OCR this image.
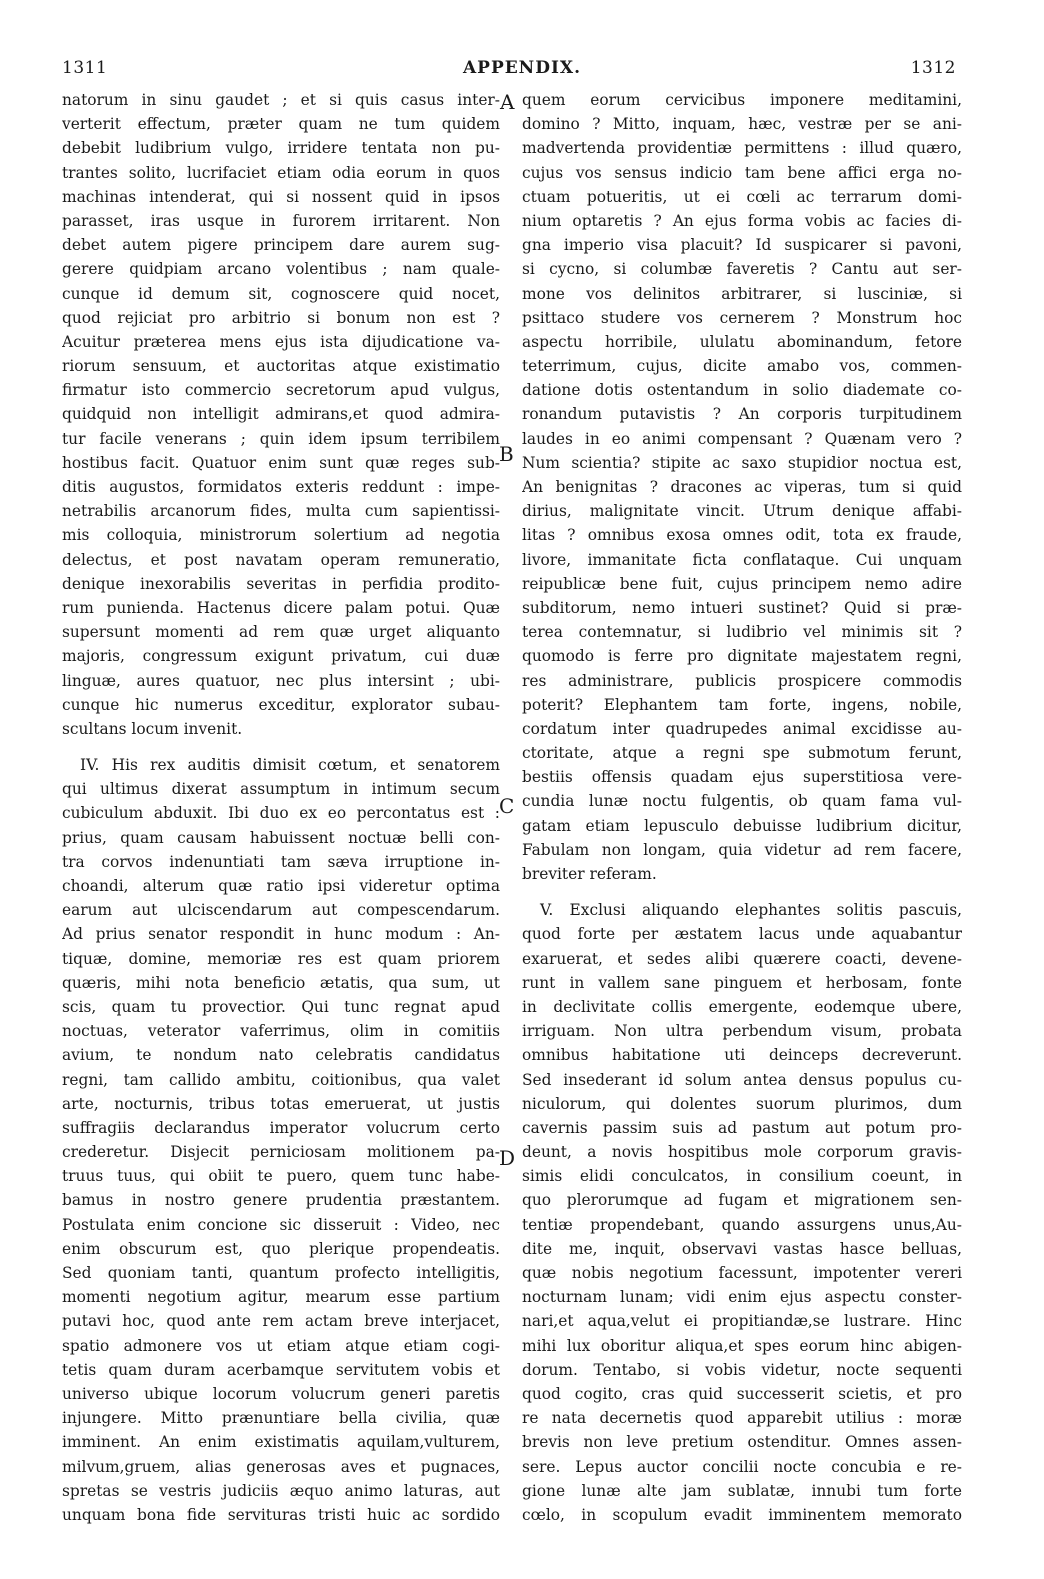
APPENDIX.
1311	1312
natorum in sinu gaudet ; et si quis casus inter-
verterit effectum, præter quam ne tum quidem
debebit ludibrium vulgo, irridere tentata non pu-
trantes solito, lucrifaciet etiam odia eorum in quos
machinas intenderat, qui si nossent quid in ipsos
parasset, iras usque in furorem irritarent. Non
debet autem pigere principem dare aurem sug-
gerere quidpiam arcano volentibus ; nam quale-
cunque id demum sit, cognoscere quid nocet,
quod rejiciat pro arbitrio si bonum non est ?
Acuitur præterea mens ejus ista dijudicatione va-
riorum sensuum, et auctoritas atque existimatio
firmatur isto commercio secretorum apud vulgus,
quidquid non intelligit admirans,et quod admira-
tur facile venerans ; quin idem ipsum terribilem
hostibus facit. Quatuor enim sunt quæ reges sub-
ditis augustos, formidatos exteris reddunt : impe-
netrabilis arcanorum fides, multa cum sapientissi-
mis colloquia, ministrorum solertium ad negotia
delectus, et post navatam operam remuneratio,
denique inexorabilis severitas in perfidia prodito-
rum punienda. Hactenus dicere palam potui. Quæ
supersunt momenti ad rem quæ urget aliquanto
majoris, congressum exigunt privatum, cui duæ
linguæ, aures quatuor, nec plus intersint ; ubi-
cunque hic numerus exceditur, explorator subau-
scultans locum invenit.
IV. His rex auditis dimisit cœtum, et senatorem
qui ultimus dixerat assumptum in intimum secum
cubiculum abduxit. Ibi duo ex eo percontatus est :
prius, quam causam habuissent noctuæ belli con-
tra corvos indenuntiati tam sæva irruptione in-
choandi, alterum quæ ratio ipsi videretur optima
earum aut ulciscendarum aut compescendarum.
Ad prius senator respondit in hunc modum : An-
tiquæ, domine, memoriæ res est quam priorem
quæris, mihi nota beneficio ætatis, qua sum, ut
scis, quam tu provectior. Qui tunc regnat apud
noctuas, veterator vaferrimus, olim in comitiis
avium, te nondum nato celebratis candidatus
regni, tam callido ambitu, coitionibus, qua valet
arte, nocturnis, tribus totas emeruerat, ut justis
suffragiis declarandus imperator volucrum certo
crederetur. Disjecit perniciosam molitionem pa-
truus tuus, qui obiit te puero, quem tunc habe-
bamus in nostro genere prudentia præstantem.
Postulata enim concione sic disseruit : Video, nec
enim obscurum est, quo plerique propendeatis.
Sed quoniam tanti, quantum profecto intelligitis,
momenti negotium agitur, mearum esse partium
putavi hoc, quod ante rem actam breve interjacet,
spatio admonere vos ut etiam atque etiam cogi-
tetis quam duram acerbamque servitutem vobis et
universo ubique locorum volucrum generi paretis
injungere. Mitto prænuntiare bella civilia, quæ
imminent. An enim existimatis aquilam,vulturem,
milvum,gruem, alias generosas aves et pugnaces,
spretas se vestris judiciis æquo animo laturas, aut
unquam bona fide servituras tristi huic ac sordido
quem eorum cervicibus imponere meditamini,
domino ? Mitto, inquam, hæc, vestræ per se ani-
madvertenda providentiæ permittens : illud quæro,
cujus vos sensus indicio tam bene affici erga no-
ctuam potueritis, ut ei cœli ac terrarum domi-
nium optaretis ? An ejus forma vobis ac facies di-
gna imperio visa placuit? Id suspicarer si pavoni,
si cycno, si columbæ faveretis ? Cantu aut ser-
mone vos delinitos arbitrarer, si lusciniæ, si
psittaco studere vos cernerem ? Monstrum hoc
aspectu horribile, ululatu abominandum, fetore
teterrimum, cujus, dicite amabo vos, commen-
datione dotis ostentandum in solio diademate co-
ronandum putavistis ? An corporis turpitudinem
laudes in eo animi compensant ? Quænam vero ?
Num scientia? stipite ac saxo stupidior noctua est,
An benignitas ? dracones ac viperas, tum si quid
dirius, malignitate vincit. Utrum denique affabi-
litas ? omnibus exosa omnes odit, tota ex fraude,
livore, immanitate ficta conflataque. Cui unquam
reipublicæ bene fuit, cujus principem nemo adire
subditorum, nemo intueri sustinet? Quid si præ-
terea contemnatur, si ludibrio vel minimis sit ?
quomodo is ferre pro dignitate majestatem regni,
res administrare, publicis prospicere commodis
poterit? Elephantem tam forte, ingens, nobile,
cordatum inter quadrupedes animal excidisse au-
ctoritate, atque a regni spe submotum ferunt,
bestiis offensis quadam ejus superstitiosa vere-
cundia lunæ noctu fulgentis, ob quam fama vul-
gatam etiam lepusculo debuisse ludibrium dicitur,
Fabulam non longam, quia videtur ad rem facere,
breviter referam.
V. Exclusi aliquando elephantes solitis pascuis,
quod forte per æstatem lacus unde aquabantur
exaruerat, et sedes alibi quærere coacti, devene-
runt in vallem sane pinguem et herbosam, fonte
in declivitate collis emergente, eodemque ubere,
irriguam. Non ultra perbendum visum, probata
omnibus habitatione uti deinceps decreverunt.
Sed insederant id solum antea densus populus cu-
niculorum, qui dolentes suorum plurimos, dum
cavernis passim suis ad pastum aut potum pro-
deunt, a novis hospitibus mole corporum gravis-
simis elidi conculcatos, in consilium coeunt, in
quo plerorumque ad fugam et migrationem sen-
tentiæ propendebant, quando assurgens unus,Au-
dite me, inquit, observavi vastas hasce belluas,
quæ nobis negotium facessunt, impotenter vereri
nocturnam lunam; vidi enim ejus aspectu conster-
nari,et aqua,velut ei propitiandæ,se lustrare. Hinc
mihi lux oboritur aliqua,et spes eorum hinc abigen-
dorum. Tentabo, si vobis videtur, nocte sequenti
quod cogito, cras quid successerit scietis, et pro
re nata decernetis quod apparebit utilius : moræ
brevis non leve pretium ostenditur. Omnes assen-
sere. Lepus auctor concilii nocte concubia e re-
gione lunæ alte jam sublatæ, innubi tum forte
cœlo, in scopulum evadit imminentem memorato
A
B
C
D
